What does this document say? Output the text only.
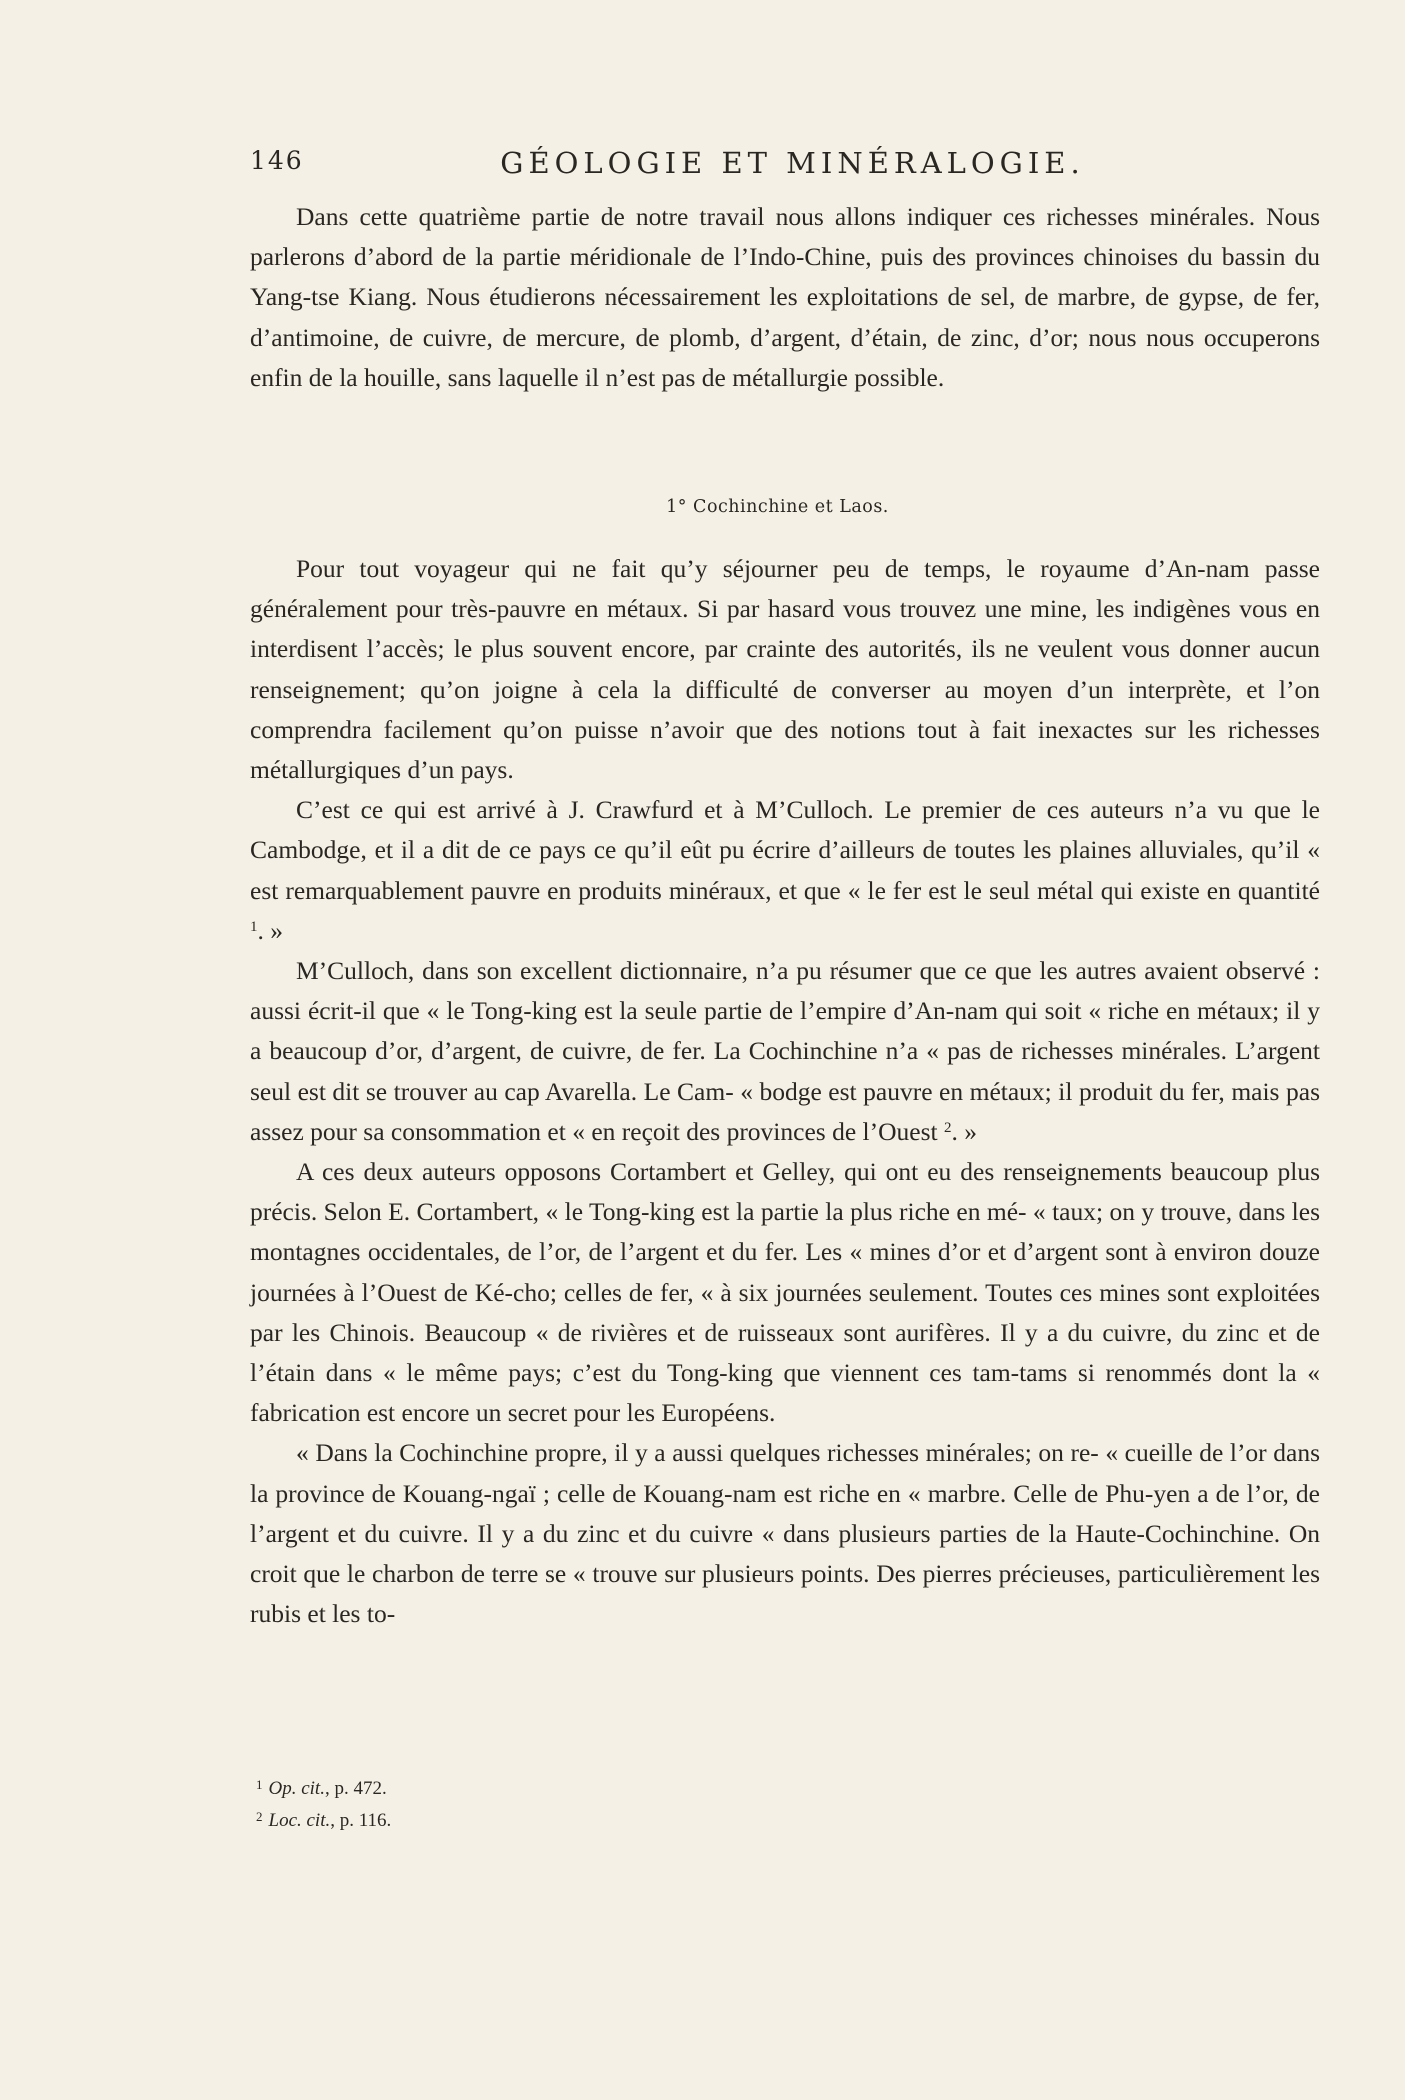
146	GÉOLOGIE ET MINÉRALOGIE.

Dans cette quatrième partie de notre travail nous allons indiquer ces richesses minérales. Nous parlerons d’abord de la partie méridionale de l’Indo-Chine, puis des provinces chinoises du bassin du Yang-tse Kiang. Nous étudierons nécessairement les exploitations de sel, de marbre, de gypse, de fer, d’antimoine, de cuivre, de mercure, de plomb, d’argent, d’étain, de zinc, d’or; nous nous occuperons enfin de la houille, sans laquelle il n’est pas de métallurgie possible.

1° Cochinchine et Laos.

Pour tout voyageur qui ne fait qu’y séjourner peu de temps, le royaume d’An-nam passe généralement pour très-pauvre en métaux. Si par hasard vous trouvez une mine, les indigènes vous en interdisent l’accès; le plus souvent encore, par crainte des autorités, ils ne veulent vous donner aucun renseignement; qu’on joigne à cela la difficulté de converser au moyen d’un interprète, et l’on comprendra facilement qu’on puisse n’avoir que des notions tout à fait inexactes sur les richesses métallurgiques d’un pays.

C’est ce qui est arrivé à J. Crawfurd et à M’Culloch. Le premier de ces auteurs n’a vu que le Cambodge, et il a dit de ce pays ce qu’il eût pu écrire d’ailleurs de toutes les plaines alluviales, qu’il « est remarquablement pauvre en produits minéraux, et que « le fer est le seul métal qui existe en quantité $^1$. »

M’Culloch, dans son excellent dictionnaire, n’a pu résumer que ce que les autres avaient observé : aussi écrit-il que « le Tong-king est la seule partie de l’empire d’An-nam qui soit « riche en métaux; il y a beaucoup d’or, d’argent, de cuivre, de fer. La Cochinchine n’a « pas de richesses minérales. L’argent seul est dit se trouver au cap Avarella. Le Cam- « bodge est pauvre en métaux; il produit du fer, mais pas assez pour sa consommation et « en reçoit des provinces de l’Ouest $^2$. »

A ces deux auteurs opposons Cortambert et Gelley, qui ont eu des renseignements beaucoup plus précis. Selon E. Cortambert, « le Tong-king est la partie la plus riche en mé- « taux; on y trouve, dans les montagnes occidentales, de l’or, de l’argent et du fer. Les « mines d’or et d’argent sont à environ douze journées à l’Ouest de Ké-cho; celles de fer, « à six journées seulement. Toutes ces mines sont exploitées par les Chinois. Beaucoup « de rivières et de ruisseaux sont aurifères. Il y a du cuivre, du zinc et de l’étain dans « le même pays; c’est du Tong-king que viennent ces tam-tams si renommés dont la « fabrication est encore un secret pour les Européens.

« Dans la Cochinchine propre, il y a aussi quelques richesses minérales; on re- « cueille de l’or dans la province de Kouang-ngaï ; celle de Kouang-nam est riche en « marbre. Celle de Phu-yen a de l’or, de l’argent et du cuivre. Il y a du zinc et du cuivre « dans plusieurs parties de la Haute-Cochinchine. On croit que le charbon de terre se « trouve sur plusieurs points. Des pierres précieuses, particulièrement les rubis et les to-

$^1$ Op. cit., p. 472.

$^2$ Loc. cit., p. 116.
